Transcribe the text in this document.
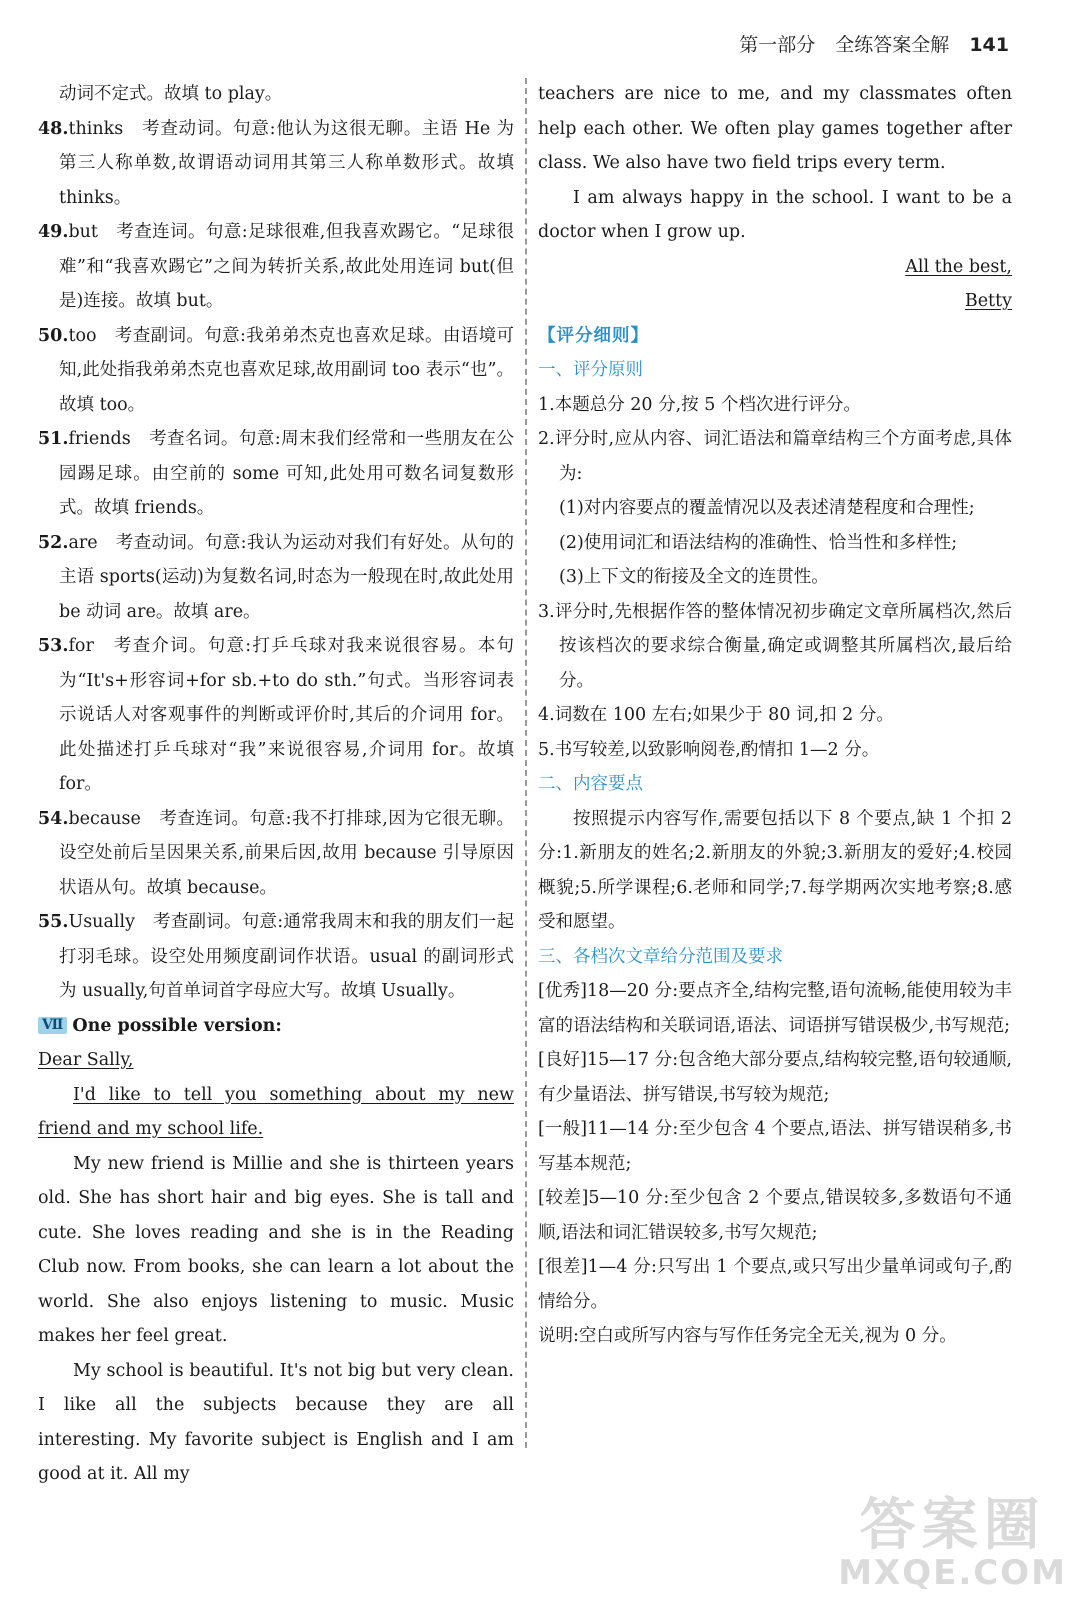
第一部分 全练答案全解 141

动词不定式。故填 to play。

48.thinks　考查动词。句意:他认为这很无聊。主语 He 为第三人称单数,故谓语动词用其第三人称单数形式。故填 thinks。

49.but　考查连词。句意:足球很难,但我喜欢踢它。“足球很难”和“我喜欢踢它”之间为转折关系,故此处用连词 but(但是)连接。故填 but。

50.too　考查副词。句意:我弟弟杰克也喜欢足球。由语境可知,此处指我弟弟杰克也喜欢足球,故用副词 too 表示“也”。故填 too。

51.friends　考查名词。句意:周末我们经常和一些朋友在公园踢足球。由空前的 some 可知,此处用可数名词复数形式。故填 friends。

52.are　考查动词。句意:我认为运动对我们有好处。从句的主语 sports(运动)为复数名词,时态为一般现在时,故此处用 be 动词 are。故填 are。

53.for　考查介词。句意:打乒乓球对我来说很容易。本句为“It's+形容词+for sb.+to do sth.”句式。当形容词表示说话人对客观事件的判断或评价时,其后的介词用 for。此处描述打乒乓球对“我”来说很容易,介词用 for。故填 for。

54.because　考查连词。句意:我不打排球,因为它很无聊。设空处前后呈因果关系,前果后因,故用 because 引导原因状语从句。故填 because。

55.Usually　考查副词。句意:通常我周末和我的朋友们一起打羽毛球。设空处用频度副词作状语。usual 的副词形式为 usually,句首单词首字母应大写。故填 Usually。

Ⅶ One possible version:

Dear Sally,

I'd like to tell you something about my new friend and my school life.

My new friend is Millie and she is thirteen years old. She has short hair and big eyes. She is tall and cute. She loves reading and she is in the Reading Club now. From books, she can learn a lot about the world. She also enjoys listening to music. Music makes her feel great.

My school is beautiful. It's not big but very clean. I like all the subjects because they are all interesting. My favorite subject is English and I am good at it. All my

teachers are nice to me, and my classmates often help each other. We often play games together after class. We also have two field trips every term.

I am always happy in the school. I want to be a doctor when I grow up.

All the best,

Betty

【评分细则】

一、评分原则

1.本题总分 20 分,按 5 个档次进行评分。

2.评分时,应从内容、词汇语法和篇章结构三个方面考虑,具体为:

(1)对内容要点的覆盖情况以及表述清楚程度和合理性;

(2)使用词汇和语法结构的准确性、恰当性和多样性;

(3)上下文的衔接及全文的连贯性。

3.评分时,先根据作答的整体情况初步确定文章所属档次,然后按该档次的要求综合衡量,确定或调整其所属档次,最后给分。

4.词数在 100 左右;如果少于 80 词,扣 2 分。

5.书写较差,以致影响阅卷,酌情扣 1—2 分。

二、内容要点

按照提示内容写作,需要包括以下 8 个要点,缺 1 个扣 2 分:1.新朋友的姓名;2.新朋友的外貌;3.新朋友的爱好;4.校园概貌;5.所学课程;6.老师和同学;7.每学期两次实地考察;8.感受和愿望。

三、各档次文章给分范围及要求

[优秀]18—20 分:要点齐全,结构完整,语句流畅,能使用较为丰富的语法结构和关联词语,语法、词语拼写错误极少,书写规范;

[良好]15—17 分:包含绝大部分要点,结构较完整,语句较通顺,有少量语法、拼写错误,书写较为规范;

[一般]11—14 分:至少包含 4 个要点,语法、拼写错误稍多,书写基本规范;

[较差]5—10 分:至少包含 2 个要点,错误较多,多数语句不通顺,语法和词汇错误较多,书写欠规范;

[很差]1—4 分:只写出 1 个要点,或只写出少量单词或句子,酌情给分。

说明:空白或所写内容与写作任务完全无关,视为 0 分。

答案圈
MXQE.COM
